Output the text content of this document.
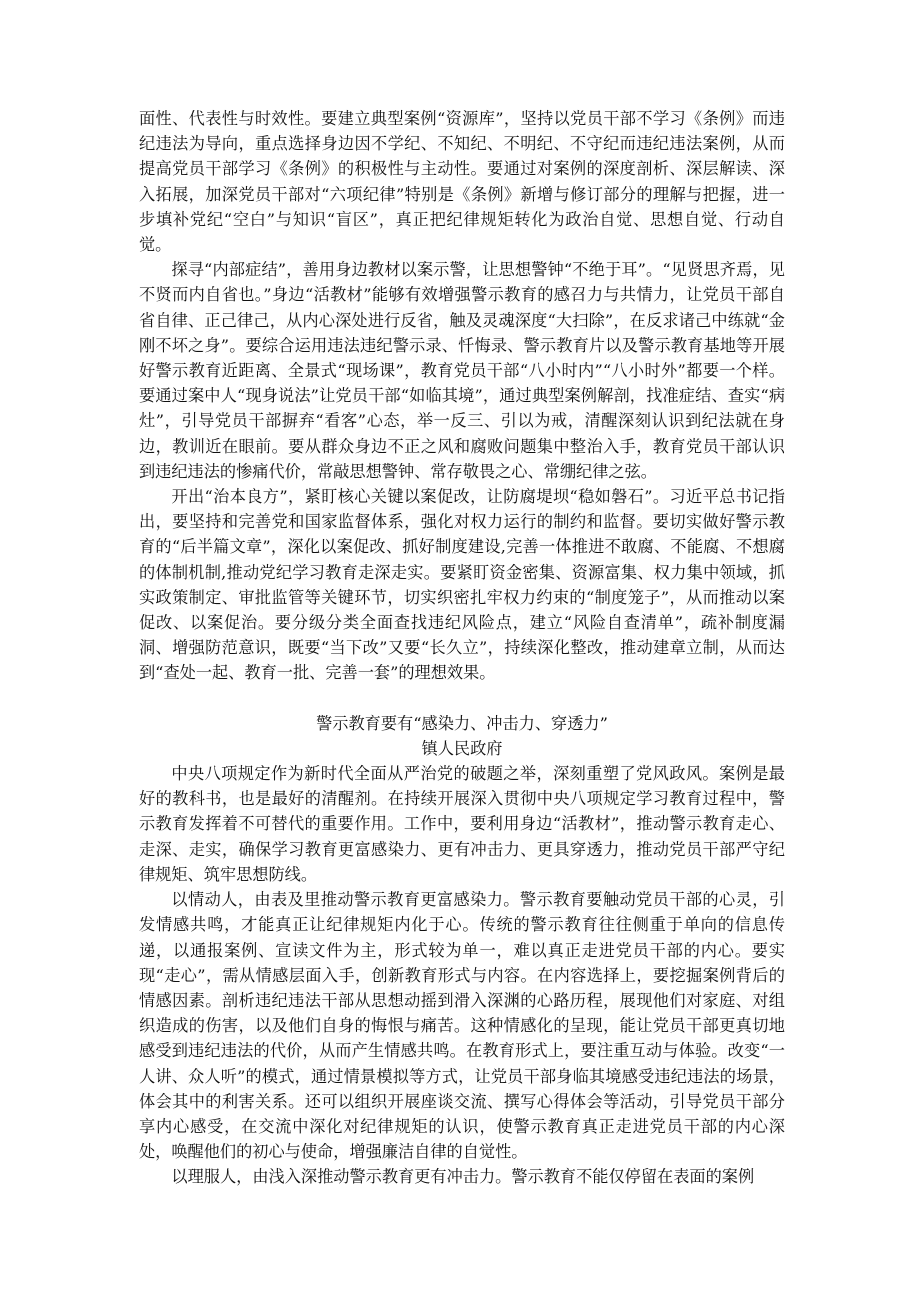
面性、代表性与时效性。要建立典型案例“资源库”，坚持以党员干部不学习《条例》而违纪违法为导向，重点选择身边因不学纪、不知纪、不明纪、不守纪而违纪违法案例，从而提高党员干部学习《条例》的积极性与主动性。要通过对案例的深度剖析、深层解读、深入拓展，加深党员干部对“六项纪律”特别是《条例》新增与修订部分的理解与把握，进一步填补党纪“空白”与知识“盲区”，真正把纪律规矩转化为政治自觉、思想自觉、行动自觉。

探寻“内部症结”，善用身边教材以案示警，让思想警钟“不绝于耳”。“见贤思齐焉，见不贤而内自省也。”身边“活教材”能够有效增强警示教育的感召力与共情力，让党员干部自省自律、正己律己，从内心深处进行反省，触及灵魂深度“大扫除”，在反求诸己中练就“金刚不坏之身”。要综合运用违法违纪警示录、忏悔录、警示教育片以及警示教育基地等开展好警示教育近距离、全景式“现场课”，教育党员干部“八小时内”“八小时外”都要一个样。要通过案中人“现身说法”让党员干部“如临其境”，通过典型案例解剖，找准症结、查实“病灶”，引导党员干部摒弃“看客”心态，举一反三、引以为戒，清醒深刻认识到纪法就在身边，教训近在眼前。要从群众身边不正之风和腐败问题集中整治入手，教育党员干部认识到违纪违法的惨痛代价，常敲思想警钟、常存敬畏之心、常绷纪律之弦。

开出“治本良方”，紧盯核心关键以案促改，让防腐堤坝“稳如磐石”。习近平总书记指出，要坚持和完善党和国家监督体系，强化对权力运行的制约和监督。要切实做好警示教育的“后半篇文章”，深化以案促改、抓好制度建设,完善一体推进不敢腐、不能腐、不想腐的体制机制,推动党纪学习教育走深走实。要紧盯资金密集、资源富集、权力集中领域，抓实政策制定、审批监管等关键环节，切实织密扎牢权力约束的“制度笼子”，从而推动以案促改、以案促治。要分级分类全面查找违纪风险点，建立“风险自查清单”，疏补制度漏洞、增强防范意识，既要“当下改”又要“长久立”，持续深化整改，推动建章立制，从而达到“查处一起、教育一批、完善一套”的理想效果。

警示教育要有“感染力、冲击力、穿透力”

镇人民政府

中央八项规定作为新时代全面从严治党的破题之举，深刻重塑了党风政风。案例是最好的教科书，也是最好的清醒剂。在持续开展深入贯彻中央八项规定学习教育过程中，警示教育发挥着不可替代的重要作用。工作中，要利用身边“活教材”，推动警示教育走心、走深、走实，确保学习教育更富感染力、更有冲击力、更具穿透力，推动党员干部严守纪律规矩、筑牢思想防线。

以情动人，由表及里推动警示教育更富感染力。警示教育要触动党员干部的心灵，引发情感共鸣，才能真正让纪律规矩内化于心。传统的警示教育往往侧重于单向的信息传递，以通报案例、宣读文件为主，形式较为单一，难以真正走进党员干部的内心。要实现“走心”，需从情感层面入手，创新教育形式与内容。在内容选择上，要挖掘案例背后的情感因素。剖析违纪违法干部从思想动摇到滑入深渊的心路历程，展现他们对家庭、对组织造成的伤害，以及他们自身的悔恨与痛苦。这种情感化的呈现，能让党员干部更真切地感受到违纪违法的代价，从而产生情感共鸣。在教育形式上，要注重互动与体验。改变“一人讲、众人听”的模式，通过情景模拟等方式，让党员干部身临其境感受违纪违法的场景，体会其中的利害关系。还可以组织开展座谈交流、撰写心得体会等活动，引导党员干部分享内心感受，在交流中深化对纪律规矩的认识，使警示教育真正走进党员干部的内心深处，唤醒他们的初心与使命，增强廉洁自律的自觉性。

以理服人，由浅入深推动警示教育更有冲击力。警示教育不能仅停留在表面的案例
